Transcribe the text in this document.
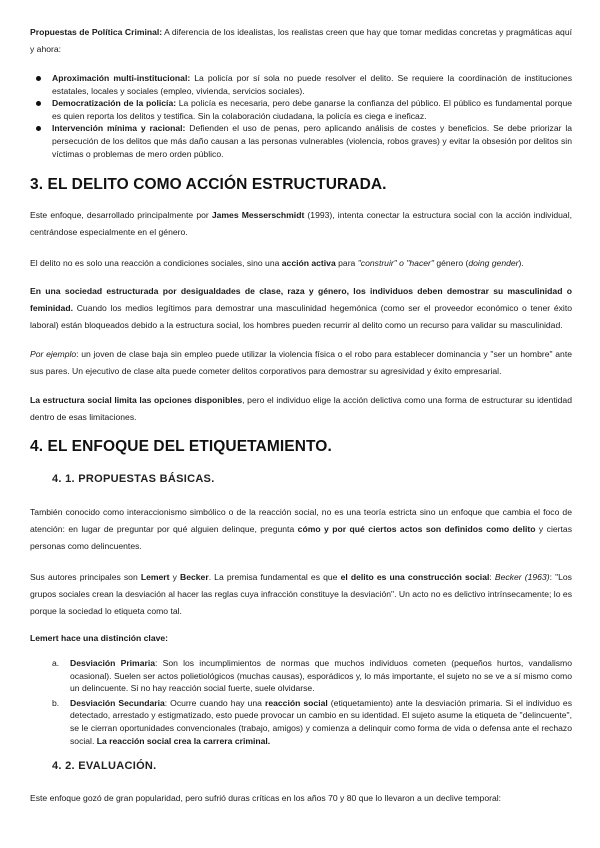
Propuestas de Política Criminal: A diferencia de los idealistas, los realistas creen que hay que tomar medidas concretas y pragmáticas aquí y ahora:

Aproximación multi-institucional: La policía por sí sola no puede resolver el delito. Se requiere la coordinación de instituciones estatales, locales y sociales (empleo, vivienda, servicios sociales).
Democratización de la policía: La policía es necesaria, pero debe ganarse la confianza del público. El público es fundamental porque es quien reporta los delitos y testifica. Sin la colaboración ciudadana, la policía es ciega e ineficaz.
Intervención mínima y racional: Defienden el uso de penas, pero aplicando análisis de costes y beneficios. Se debe priorizar la persecución de los delitos que más daño causan a las personas vulnerables (violencia, robos graves) y evitar la obsesión por delitos sin víctimas o problemas de mero orden público.
3. EL DELITO COMO ACCIÓN ESTRUCTURADA.

Este enfoque, desarrollado principalmente por James Messerschmidt (1993), intenta conectar la estructura social con la acción individual, centrándose especialmente en el género.

El delito no es solo una reacción a condiciones sociales, sino una acción activa para "construir" o "hacer" género (doing gender).

En una sociedad estructurada por desigualdades de clase, raza y género, los individuos deben demostrar su masculinidad o feminidad. Cuando los medios legítimos para demostrar una masculinidad hegemónica (como ser el proveedor económico o tener éxito laboral) están bloqueados debido a la estructura social, los hombres pueden recurrir al delito como un recurso para validar su masculinidad.

Por ejemplo: un joven de clase baja sin empleo puede utilizar la violencia física o el robo para establecer dominancia y "ser un hombre" ante sus pares. Un ejecutivo de clase alta puede cometer delitos corporativos para demostrar su agresividad y éxito empresarial.

La estructura social limita las opciones disponibles, pero el individuo elige la acción delictiva como una forma de estructurar su identidad dentro de esas limitaciones.

4. EL ENFOQUE DEL ETIQUETAMIENTO.
4. 1. PROPUESTAS BÁSICAS.

También conocido como interaccionismo simbólico o de la reacción social, no es una teoría estricta sino un enfoque que cambia el foco de atención: en lugar de preguntar por qué alguien delinque, pregunta cómo y por qué ciertos actos son definidos como delito y ciertas personas como delincuentes.

Sus autores principales son Lemert y Becker. La premisa fundamental es que el delito es una construcción social: Becker (1963): "Los grupos sociales crean la desviación al hacer las reglas cuya infracción constituye la desviación". Un acto no es delictivo intrínsecamente; lo es porque la sociedad lo etiqueta como tal.

Lemert hace una distinción clave:

a. Desviación Primaria: Son los incumplimientos de normas que muchos individuos cometen (pequeños hurtos, vandalismo ocasional). Suelen ser actos polietiológicos (muchas causas), esporádicos y, lo más importante, el sujeto no se ve a sí mismo como un delincuente. Si no hay reacción social fuerte, suele olvidarse.

b. Desviación Secundaria: Ocurre cuando hay una reacción social (etiquetamiento) ante la desviación primaria. Si el individuo es detectado, arrestado y estigmatizado, esto puede provocar un cambio en su identidad. El sujeto asume la etiqueta de "delincuente", se le cierran oportunidades convencionales (trabajo, amigos) y comienza a delinquir como forma de vida o defensa ante el rechazo social. La reacción social crea la carrera criminal.

4. 2. EVALUACIÓN.

Este enfoque gozó de gran popularidad, pero sufrió duras críticas en los años 70 y 80 que lo llevaron a un declive temporal:
